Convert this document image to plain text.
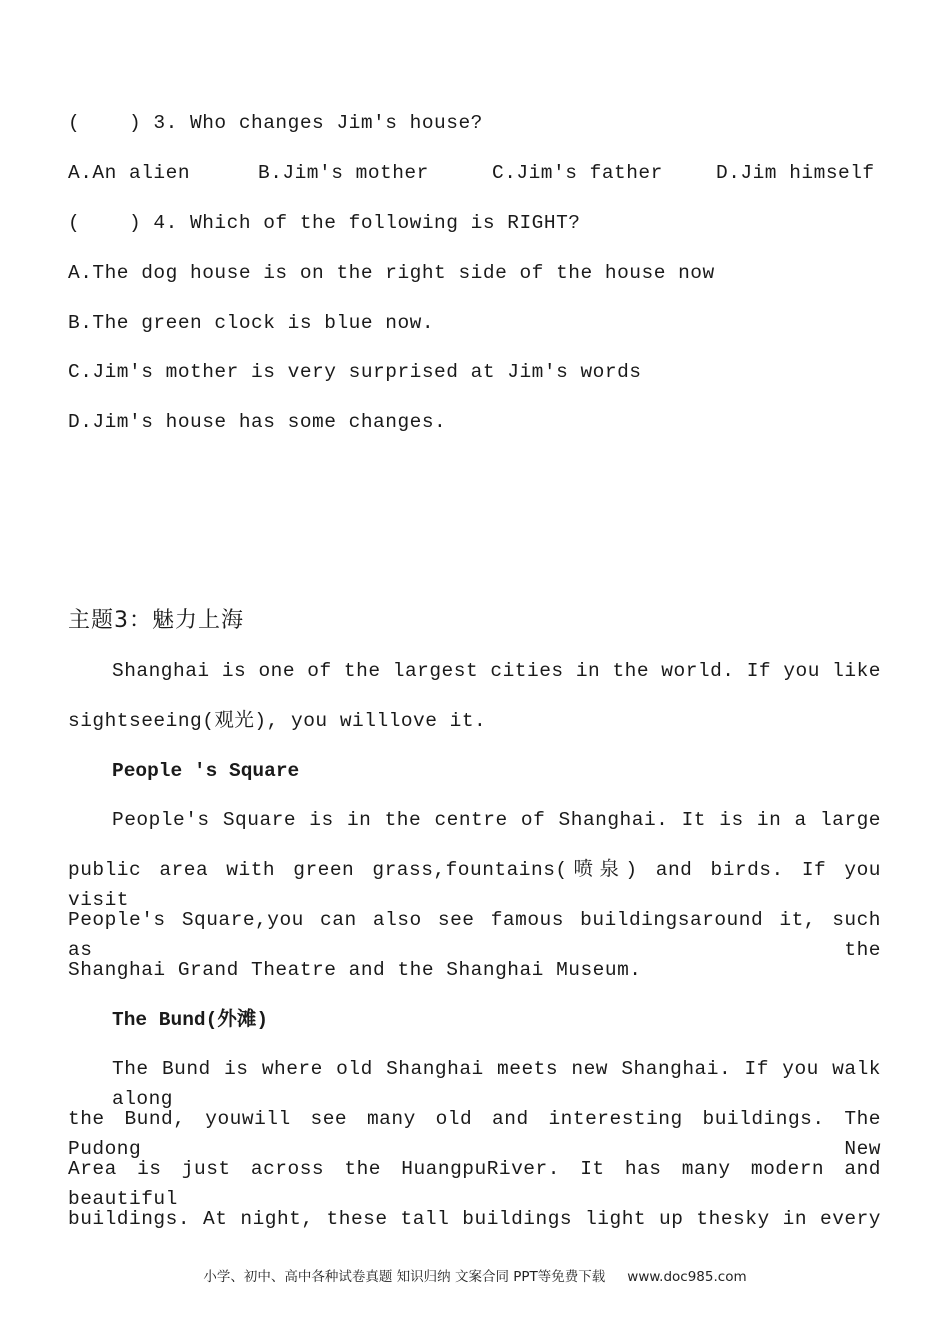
(    ) 3. Who changes Jim's house?
A.An alien	B.Jim's mother	C.Jim's father	D.Jim himself
(    ) 4. Which of the following is RIGHT?
A.The dog house is on the right side of the house now
B.The green clock is blue now.
C.Jim's mother is very surprised at Jim's words
D.Jim's house has some changes.
主题3：魅力上海
Shanghai is one of the largest cities in the world. If you like
sightseeing(观光), you willlove it.
People 's Square
People's Square is in the centre of Shanghai. It is in a large
public area with green grass,fountains(喷泉) and birds. If you visit
People's Square,you can also see famous buildingsaround it, such as the
Shanghai Grand Theatre and the Shanghai Museum.
The Bund(外滩)
The Bund is where old Shanghai meets new Shanghai. If you walk along
the Bund, youwill see many old and interesting buildings. The Pudong New
Area is just across the HuangpuRiver. It has many modern and beautiful
buildings. At night, these tall buildings light up thesky in every
小学、初中、高中各种试卷真题 知识归纳 文案合同 PPT等免费下载 www.doc985.com
